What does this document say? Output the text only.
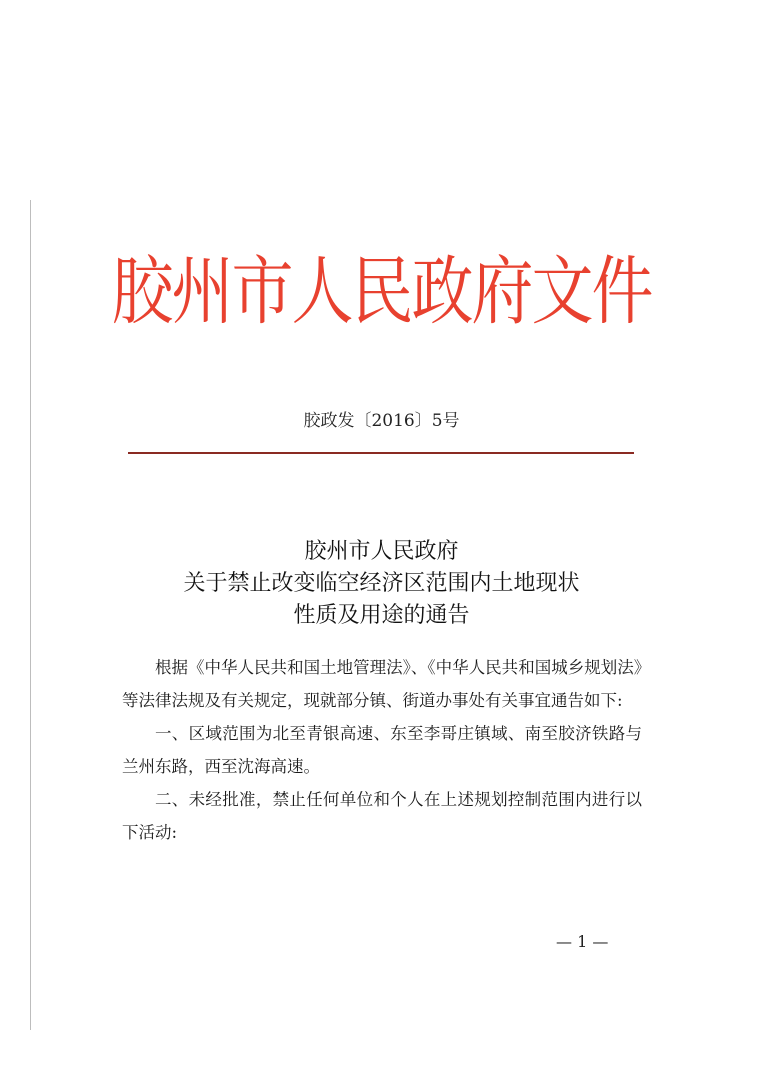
胶州市人民政府文件
胶政发〔2016〕5号
胶州市人民政府
关于禁止改变临空经济区范围内土地现状
性质及用途的通告

根据《中华人民共和国土地管理法》、《中华人民共和国城乡规划法》等法律法规及有关规定，现就部分镇、街道办事处有关事宜通告如下:

一、区域范围为北至青银高速、东至李哥庄镇域、南至胶济铁路与兰州东路，西至沈海高速。

二、未经批准，禁止任何单位和个人在上述规划控制范围内进行以下活动:

— 1 —
